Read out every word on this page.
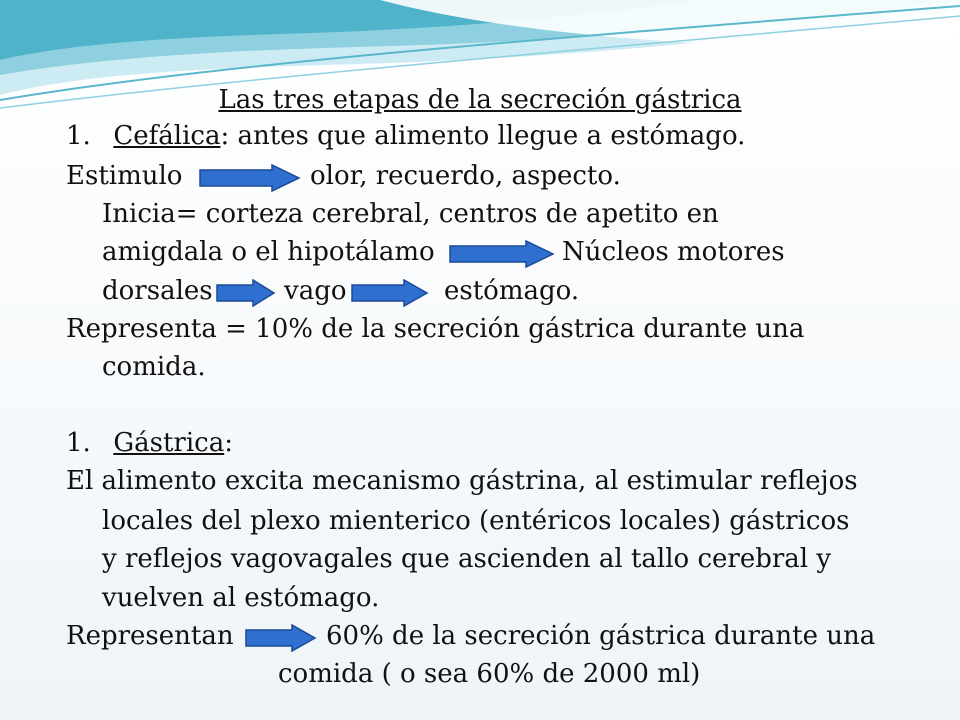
Las tres etapas de la secreción gástrica
1. Cefálica: antes que alimento llegue a estómago.
Estimulo	olor, recuerdo, aspecto.
Inicia= corteza cerebral, centros de apetito en
amigdala o el hipotálamo	Núcleos motores
dorsales	vago	estómago.
Representa = 10% de la secreción gástrica durante una
comida.
1. Gástrica:
El alimento excita mecanismo gástrina, al estimular reflejos
locales del plexo mienterico (entéricos locales) gástricos
y reflejos vagovagales que ascienden al tallo cerebral y
vuelven al estómago.
Representan	60% de la secreción gástrica durante una
comida ( o sea 60% de 2000 ml)
